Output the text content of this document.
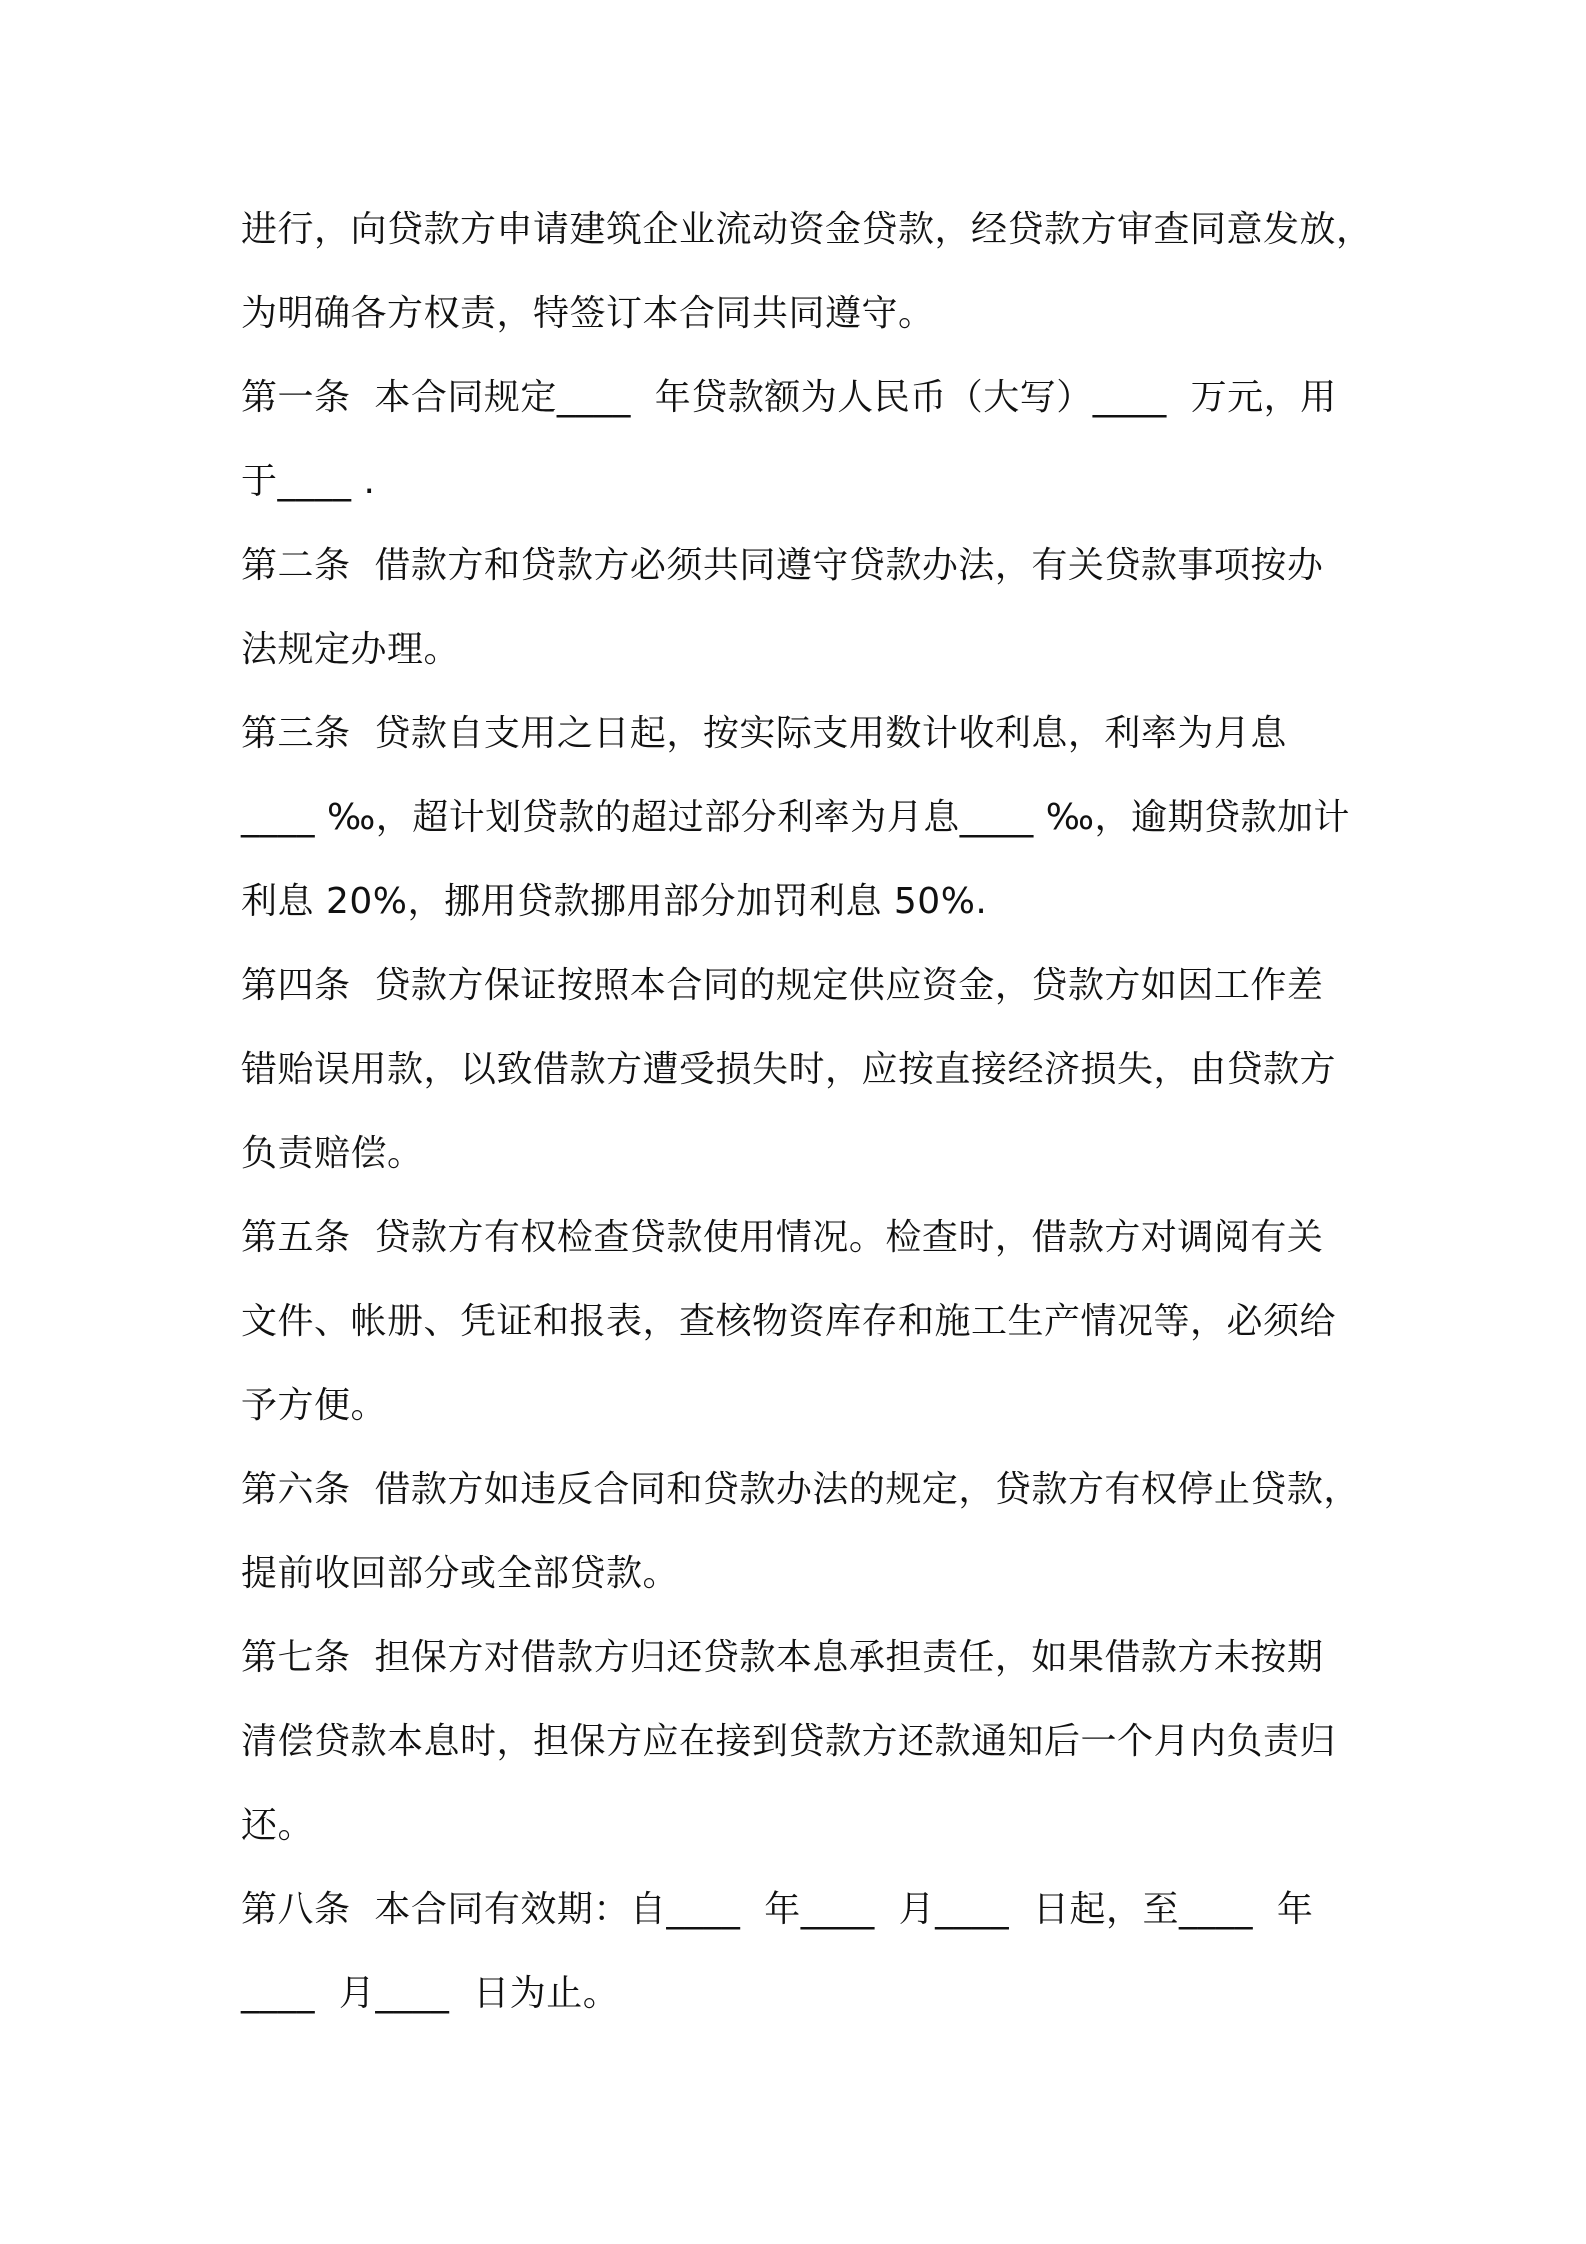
进行，向贷款方申请建筑企业流动资金贷款，经贷款方审查同意发放，
为明确各方权责，特签订本合同共同遵守。
第一条  本合同规定____  年贷款额为人民币（大写）____  万元，用
于____ .
第二条  借款方和贷款方必须共同遵守贷款办法，有关贷款事项按办
法规定办理。
第三条  贷款自支用之日起，按实际支用数计收利息，利率为月息
____ ‰，超计划贷款的超过部分利率为月息____ ‰，逾期贷款加计
利息 20%，挪用贷款挪用部分加罚利息 50%.
第四条  贷款方保证按照本合同的规定供应资金，贷款方如因工作差
错贻误用款，以致借款方遭受损失时，应按直接经济损失，由贷款方
负责赔偿。
第五条  贷款方有权检查贷款使用情况。检查时，借款方对调阅有关
文件、帐册、凭证和报表，查核物资库存和施工生产情况等，必须给
予方便。
第六条  借款方如违反合同和贷款办法的规定，贷款方有权停止贷款，
提前收回部分或全部贷款。
第七条  担保方对借款方归还贷款本息承担责任，如果借款方未按期
清偿贷款本息时，担保方应在接到贷款方还款通知后一个月内负责归
还。
第八条  本合同有效期：自____  年____  月____  日起，至____  年
____  月____  日为止。
